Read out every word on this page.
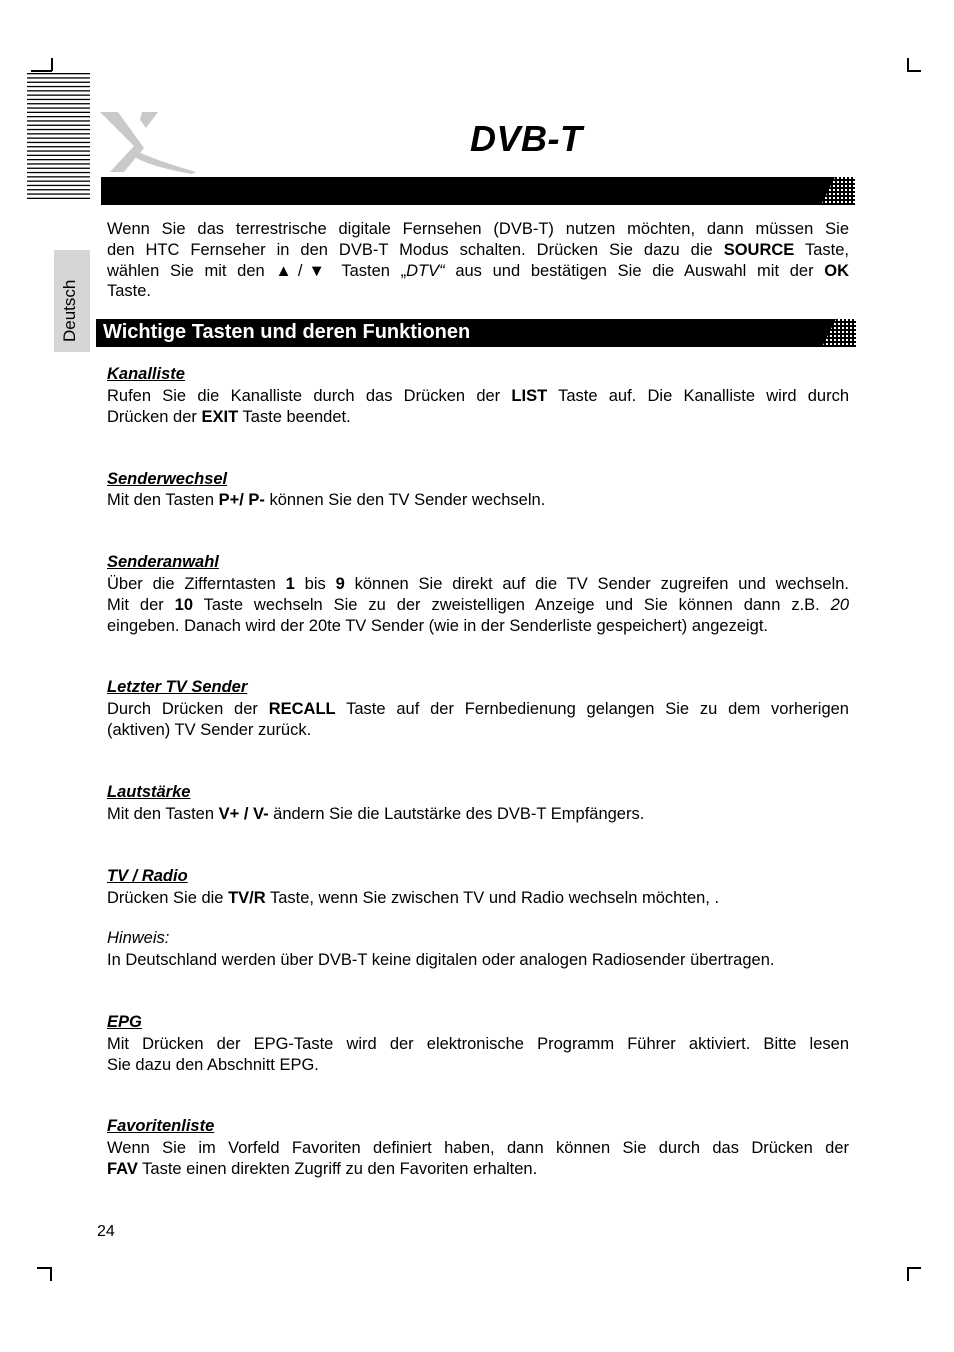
DVB-T
Deutsch
Wenn Sie das terrestrische digitale Fernsehen (DVB-T) nutzen möchten, dann müssen Sie
den HTC Fernseher in den DVB-T Modus schalten. Drücken Sie dazu die SOURCE Taste,
wählen Sie mit den ▲/▼ Tasten „DTV“ aus und bestätigen Sie die Auswahl mit der OK
Taste.
Wichtige Tasten und deren Funktionen
Kanalliste
Rufen Sie die Kanalliste durch das Drücken der LIST Taste auf. Die Kanalliste wird durch
Drücken der EXIT Taste beendet.
Senderwechsel
Mit den Tasten P+/ P- können Sie den TV Sender wechseln.
Senderanwahl
Über die Zifferntasten 1 bis 9 können Sie direkt auf die TV Sender zugreifen und wechseln.
Mit der 10 Taste wechseln Sie zu der zweistelligen Anzeige und Sie können dann z.B. 20
eingeben. Danach wird der 20te TV Sender (wie in der Senderliste gespeichert) angezeigt.
Letzter TV Sender
Durch Drücken der RECALL Taste auf der Fernbedienung gelangen Sie zu dem vorherigen
(aktiven) TV Sender zurück.
Lautstärke
Mit den Tasten V+ / V- ändern Sie die Lautstärke des DVB-T Empfängers.
TV / Radio
Drücken Sie die TV/R Taste, wenn Sie zwischen TV und Radio wechseln möchten, .
Hinweis:
In Deutschland werden über DVB-T keine digitalen oder analogen Radiosender übertragen.
EPG
Mit Drücken der EPG-Taste wird der elektronische Programm Führer aktiviert. Bitte lesen
Sie dazu den Abschnitt EPG.
Favoritenliste
Wenn Sie im Vorfeld Favoriten definiert haben, dann können Sie durch das Drücken der
FAV Taste einen direkten Zugriff zu den Favoriten erhalten.
24
